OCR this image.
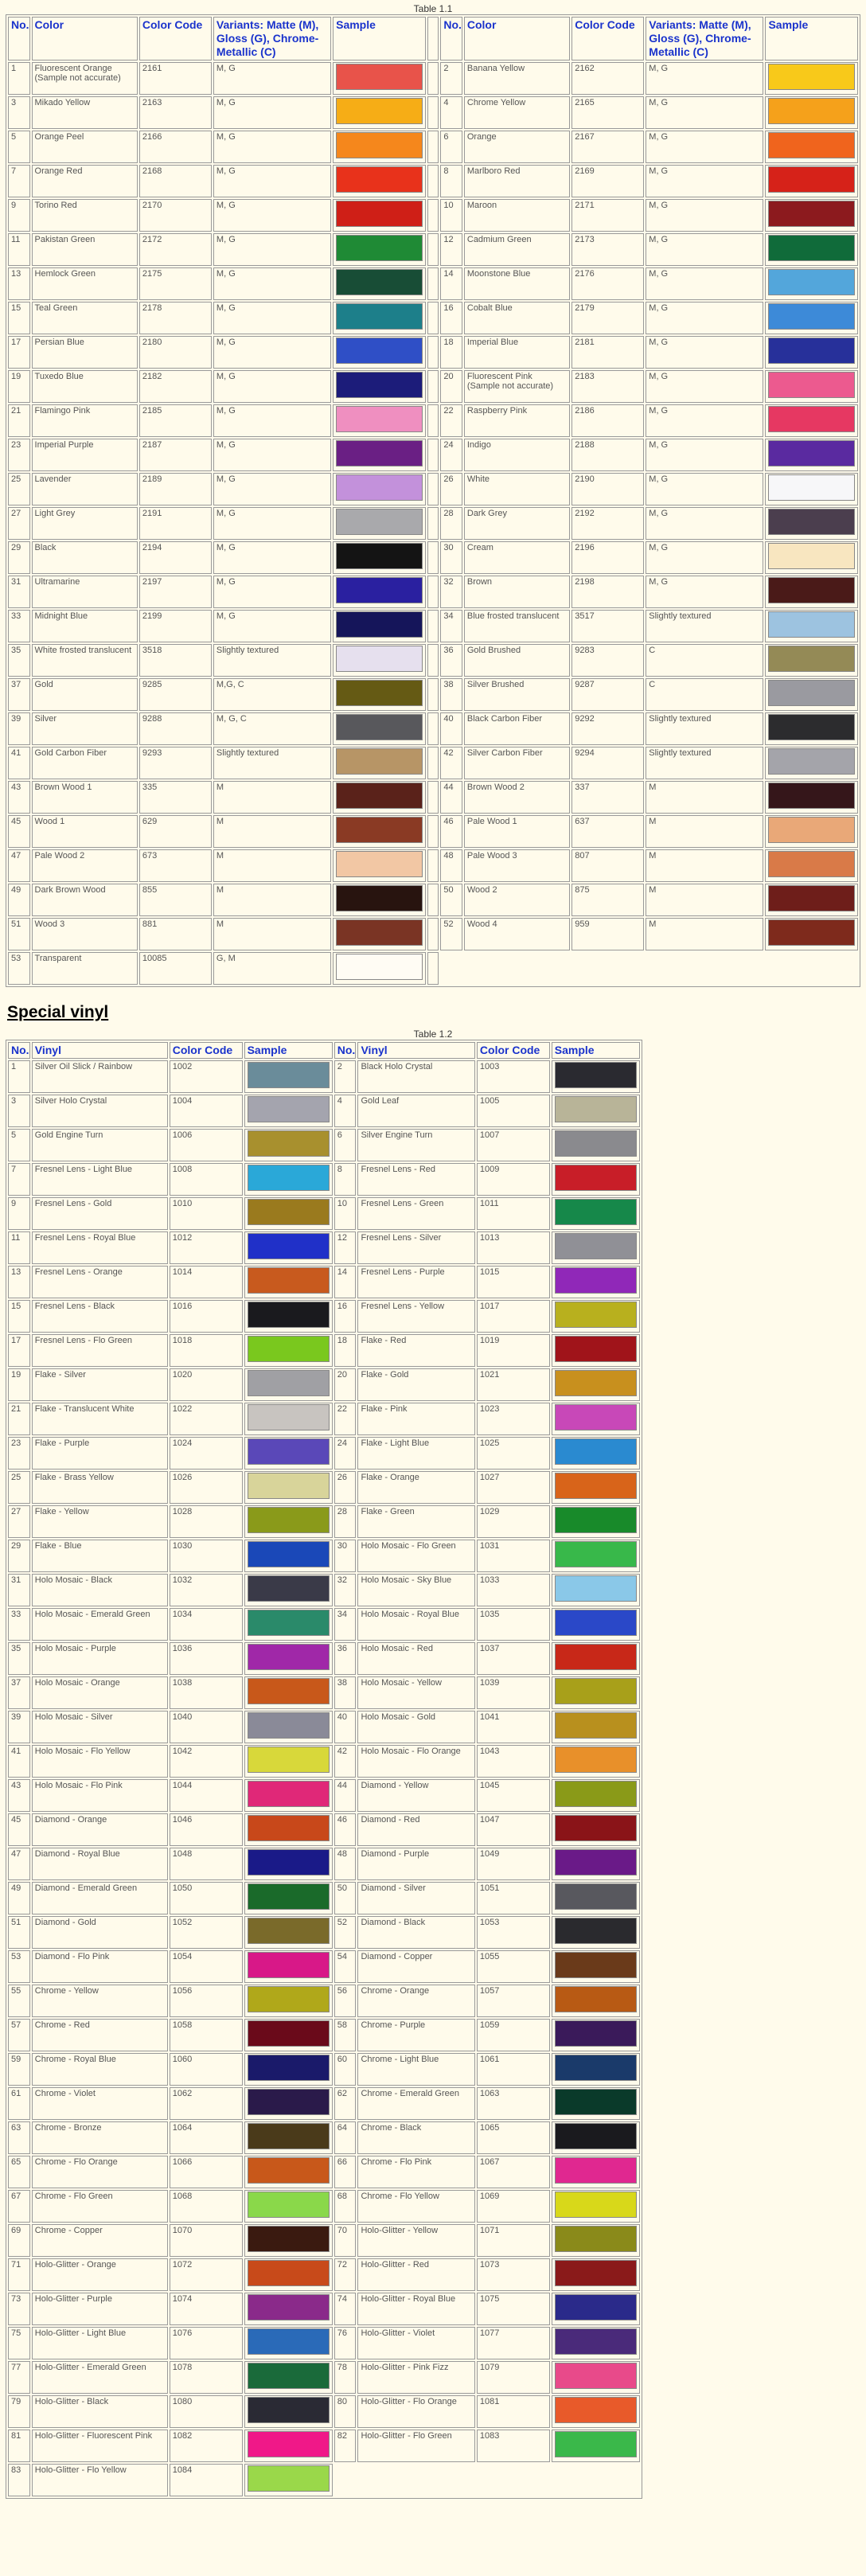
Table 1.1
No.	Color	Color Code	Variants: Matte (M), Gloss (G), Chrome-Metallic (C)	Sample		No.	Color	Color Code	Variants: Matte (M), Gloss (G), Chrome-Metallic (C)	Sample
1	Fluorescent Orange (Sample not accurate)	2161	M, G			2	Banana Yellow	2162	M, G	

3	Mikado Yellow	2163	M, G			4	Chrome Yellow	2165	M, G	

5	Orange Peel	2166	M, G			6	Orange	2167	M, G	

7	Orange Red	2168	M, G			8	Marlboro Red	2169	M, G	

9	Torino Red	2170	M, G			10	Maroon	2171	M, G	

11	Pakistan Green	2172	M, G			12	Cadmium Green	2173	M, G	

13	Hemlock Green	2175	M, G			14	Moonstone Blue	2176	M, G	

15	Teal Green	2178	M, G			16	Cobalt Blue	2179	M, G	

17	Persian Blue	2180	M, G			18	Imperial Blue	2181	M, G	

19	Tuxedo Blue	2182	M, G			20	Fluorescent Pink (Sample not accurate)	2183	M, G	

21	Flamingo Pink	2185	M, G			22	Raspberry Pink	2186	M, G	

23	Imperial Purple	2187	M, G			24	Indigo	2188	M, G	

25	Lavender	2189	M, G			26	White	2190	M, G	

27	Light Grey	2191	M, G			28	Dark Grey	2192	M, G	

29	Black	2194	M, G			30	Cream	2196	M, G	

31	Ultramarine	2197	M, G			32	Brown	2198	M, G	

33	Midnight Blue	2199	M, G			34	Blue frosted translucent	3517	Slightly textured	

35	White frosted translucent	3518	Slightly textured			36	Gold Brushed	9283	C	

37	Gold	9285	M,G, C			38	Silver Brushed	9287	C	

39	Silver	9288	M, G, C			40	Black Carbon Fiber	9292	Slightly textured	

41	Gold Carbon Fiber	9293	Slightly textured			42	Silver Carbon Fiber	9294	Slightly textured	

43	Brown Wood 1	335	M			44	Brown Wood 2	337	M	

45	Wood 1	629	M			46	Pale Wood 1	637	M	

47	Pale Wood 2	673	M			48	Pale Wood 3	807	M	

49	Dark Brown Wood	855	M			50	Wood 2	875	M	

51	Wood 3	881	M			52	Wood 4	959	M	

53	Transparent	10085	G, M					

Special vinyl
Table 1.2
No.	Vinyl	Color Code	Sample	No.	Vinyl	Color Code	Sample
1	Silver Oil Slick / Rainbow	1002		2	Black Holo Crystal	1003	

3	Silver Holo Crystal	1004		4	Gold Leaf	1005	

5	Gold Engine Turn	1006		6	Silver Engine Turn	1007	

7	Fresnel Lens - Light Blue	1008		8	Fresnel Lens - Red	1009	

9	Fresnel Lens - Gold	1010		10	Fresnel Lens - Green	1011	

11	Fresnel Lens - Royal Blue	1012		12	Fresnel Lens - Silver	1013	

13	Fresnel Lens - Orange	1014		14	Fresnel Lens - Purple	1015	

15	Fresnel Lens - Black	1016		16	Fresnel Lens - Yellow	1017	

17	Fresnel Lens - Flo Green	1018		18	Flake - Red	1019	

19	Flake - Silver	1020		20	Flake - Gold	1021	

21	Flake - Translucent White	1022		22	Flake - Pink	1023	

23	Flake - Purple	1024		24	Flake - Light Blue	1025	

25	Flake - Brass Yellow	1026		26	Flake - Orange	1027	

27	Flake - Yellow	1028		28	Flake - Green	1029	

29	Flake - Blue	1030		30	Holo Mosaic - Flo Green	1031	

31	Holo Mosaic - Black	1032		32	Holo Mosaic - Sky Blue	1033	

33	Holo Mosaic - Emerald Green	1034		34	Holo Mosaic - Royal Blue	1035	

35	Holo Mosaic - Purple	1036		36	Holo Mosaic - Red	1037	

37	Holo Mosaic - Orange	1038		38	Holo Mosaic - Yellow	1039	

39	Holo Mosaic - Silver	1040		40	Holo Mosaic - Gold	1041	

41	Holo Mosaic - Flo Yellow	1042		42	Holo Mosaic - Flo Orange	1043	

43	Holo Mosaic - Flo Pink	1044		44	Diamond - Yellow	1045	

45	Diamond - Orange	1046		46	Diamond - Red	1047	

47	Diamond - Royal Blue	1048		48	Diamond - Purple	1049	

49	Diamond - Emerald Green	1050		50	Diamond - Silver	1051	

51	Diamond - Gold	1052		52	Diamond - Black	1053	

53	Diamond - Flo Pink	1054		54	Diamond - Copper	1055	

55	Chrome - Yellow	1056		56	Chrome - Orange	1057	

57	Chrome - Red	1058		58	Chrome - Purple	1059	

59	Chrome - Royal Blue	1060		60	Chrome - Light Blue	1061	

61	Chrome - Violet	1062		62	Chrome - Emerald Green	1063	

63	Chrome - Bronze	1064		64	Chrome - Black	1065	

65	Chrome - Flo Orange	1066		66	Chrome - Flo Pink	1067	

67	Chrome - Flo Green	1068		68	Chrome - Flo Yellow	1069	

69	Chrome - Copper	1070		70	Holo-Glitter - Yellow	1071	

71	Holo-Glitter - Orange	1072		72	Holo-Glitter - Red	1073	

73	Holo-Glitter - Purple	1074		74	Holo-Glitter - Royal Blue	1075	

75	Holo-Glitter - Light Blue	1076		76	Holo-Glitter - Violet	1077	

77	Holo-Glitter - Emerald Green	1078		78	Holo-Glitter - Pink Fizz	1079	

79	Holo-Glitter - Black	1080		80	Holo-Glitter - Flo Orange	1081	

81	Holo-Glitter - Fluorescent Pink	1082		82	Holo-Glitter - Flo Green	1083	

83	Holo-Glitter - Flo Yellow	1084				
